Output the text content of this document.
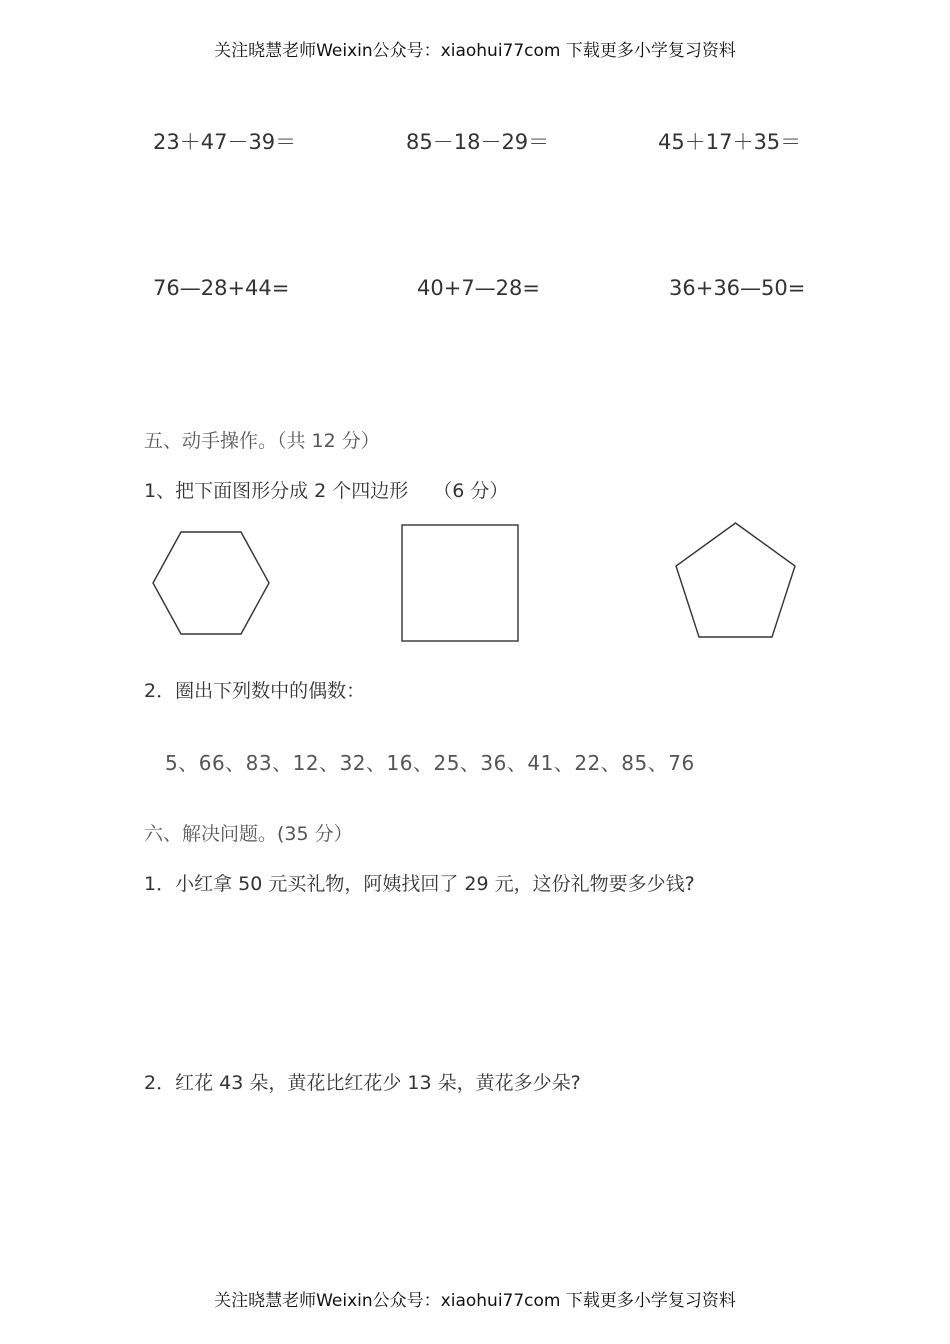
关注晓慧老师Weixin公众号：xiaohui77com 下载更多小学复习资料
23＋47－39＝	85－18－29＝	45＋17＋35＝
76—28+44=	40+7—28=	36+36—50=
五、动手操作。（共 12 分）
1、把下面图形分成 2 个四边形　 （6 分）
2．圈出下列数中的偶数：
5、66、83、12、32、16、25、36、41、22、85、76
六、解决问题。(35 分）
1．小红拿 50 元买礼物，阿姨找回了 29 元，这份礼物要多少钱?
2．红花 43 朵，黄花比红花少 13 朵，黄花多少朵?
关注晓慧老师Weixin公众号：xiaohui77com 下载更多小学复习资料
